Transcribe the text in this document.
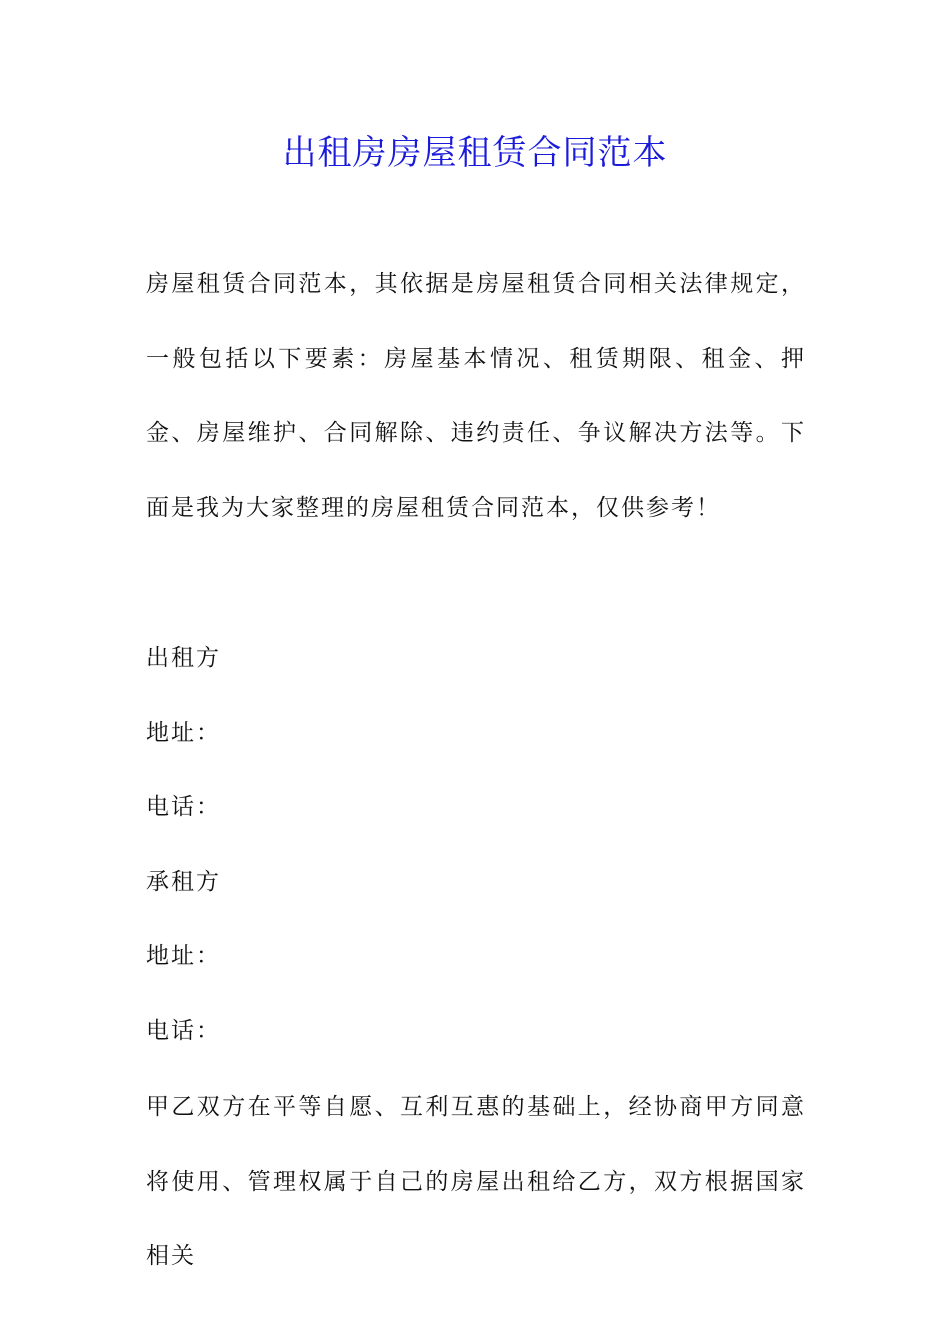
出租房房屋租赁合同范本

房屋租赁合同范本，其依据是房屋租赁合同相关法律规定，一般包括以下要素：房屋基本情况、租赁期限、租金、押金、房屋维护、合同解除、违约责任、争议解决方法等。下面是我为大家整理的房屋租赁合同范本，仅供参考！

出租方

地址：

电话：

承租方

地址：

电话：

甲乙双方在平等自愿、互利互惠的基础上，经协商甲方同意将使用、管理权属于自己的房屋出租给乙方，双方根据国家相关
